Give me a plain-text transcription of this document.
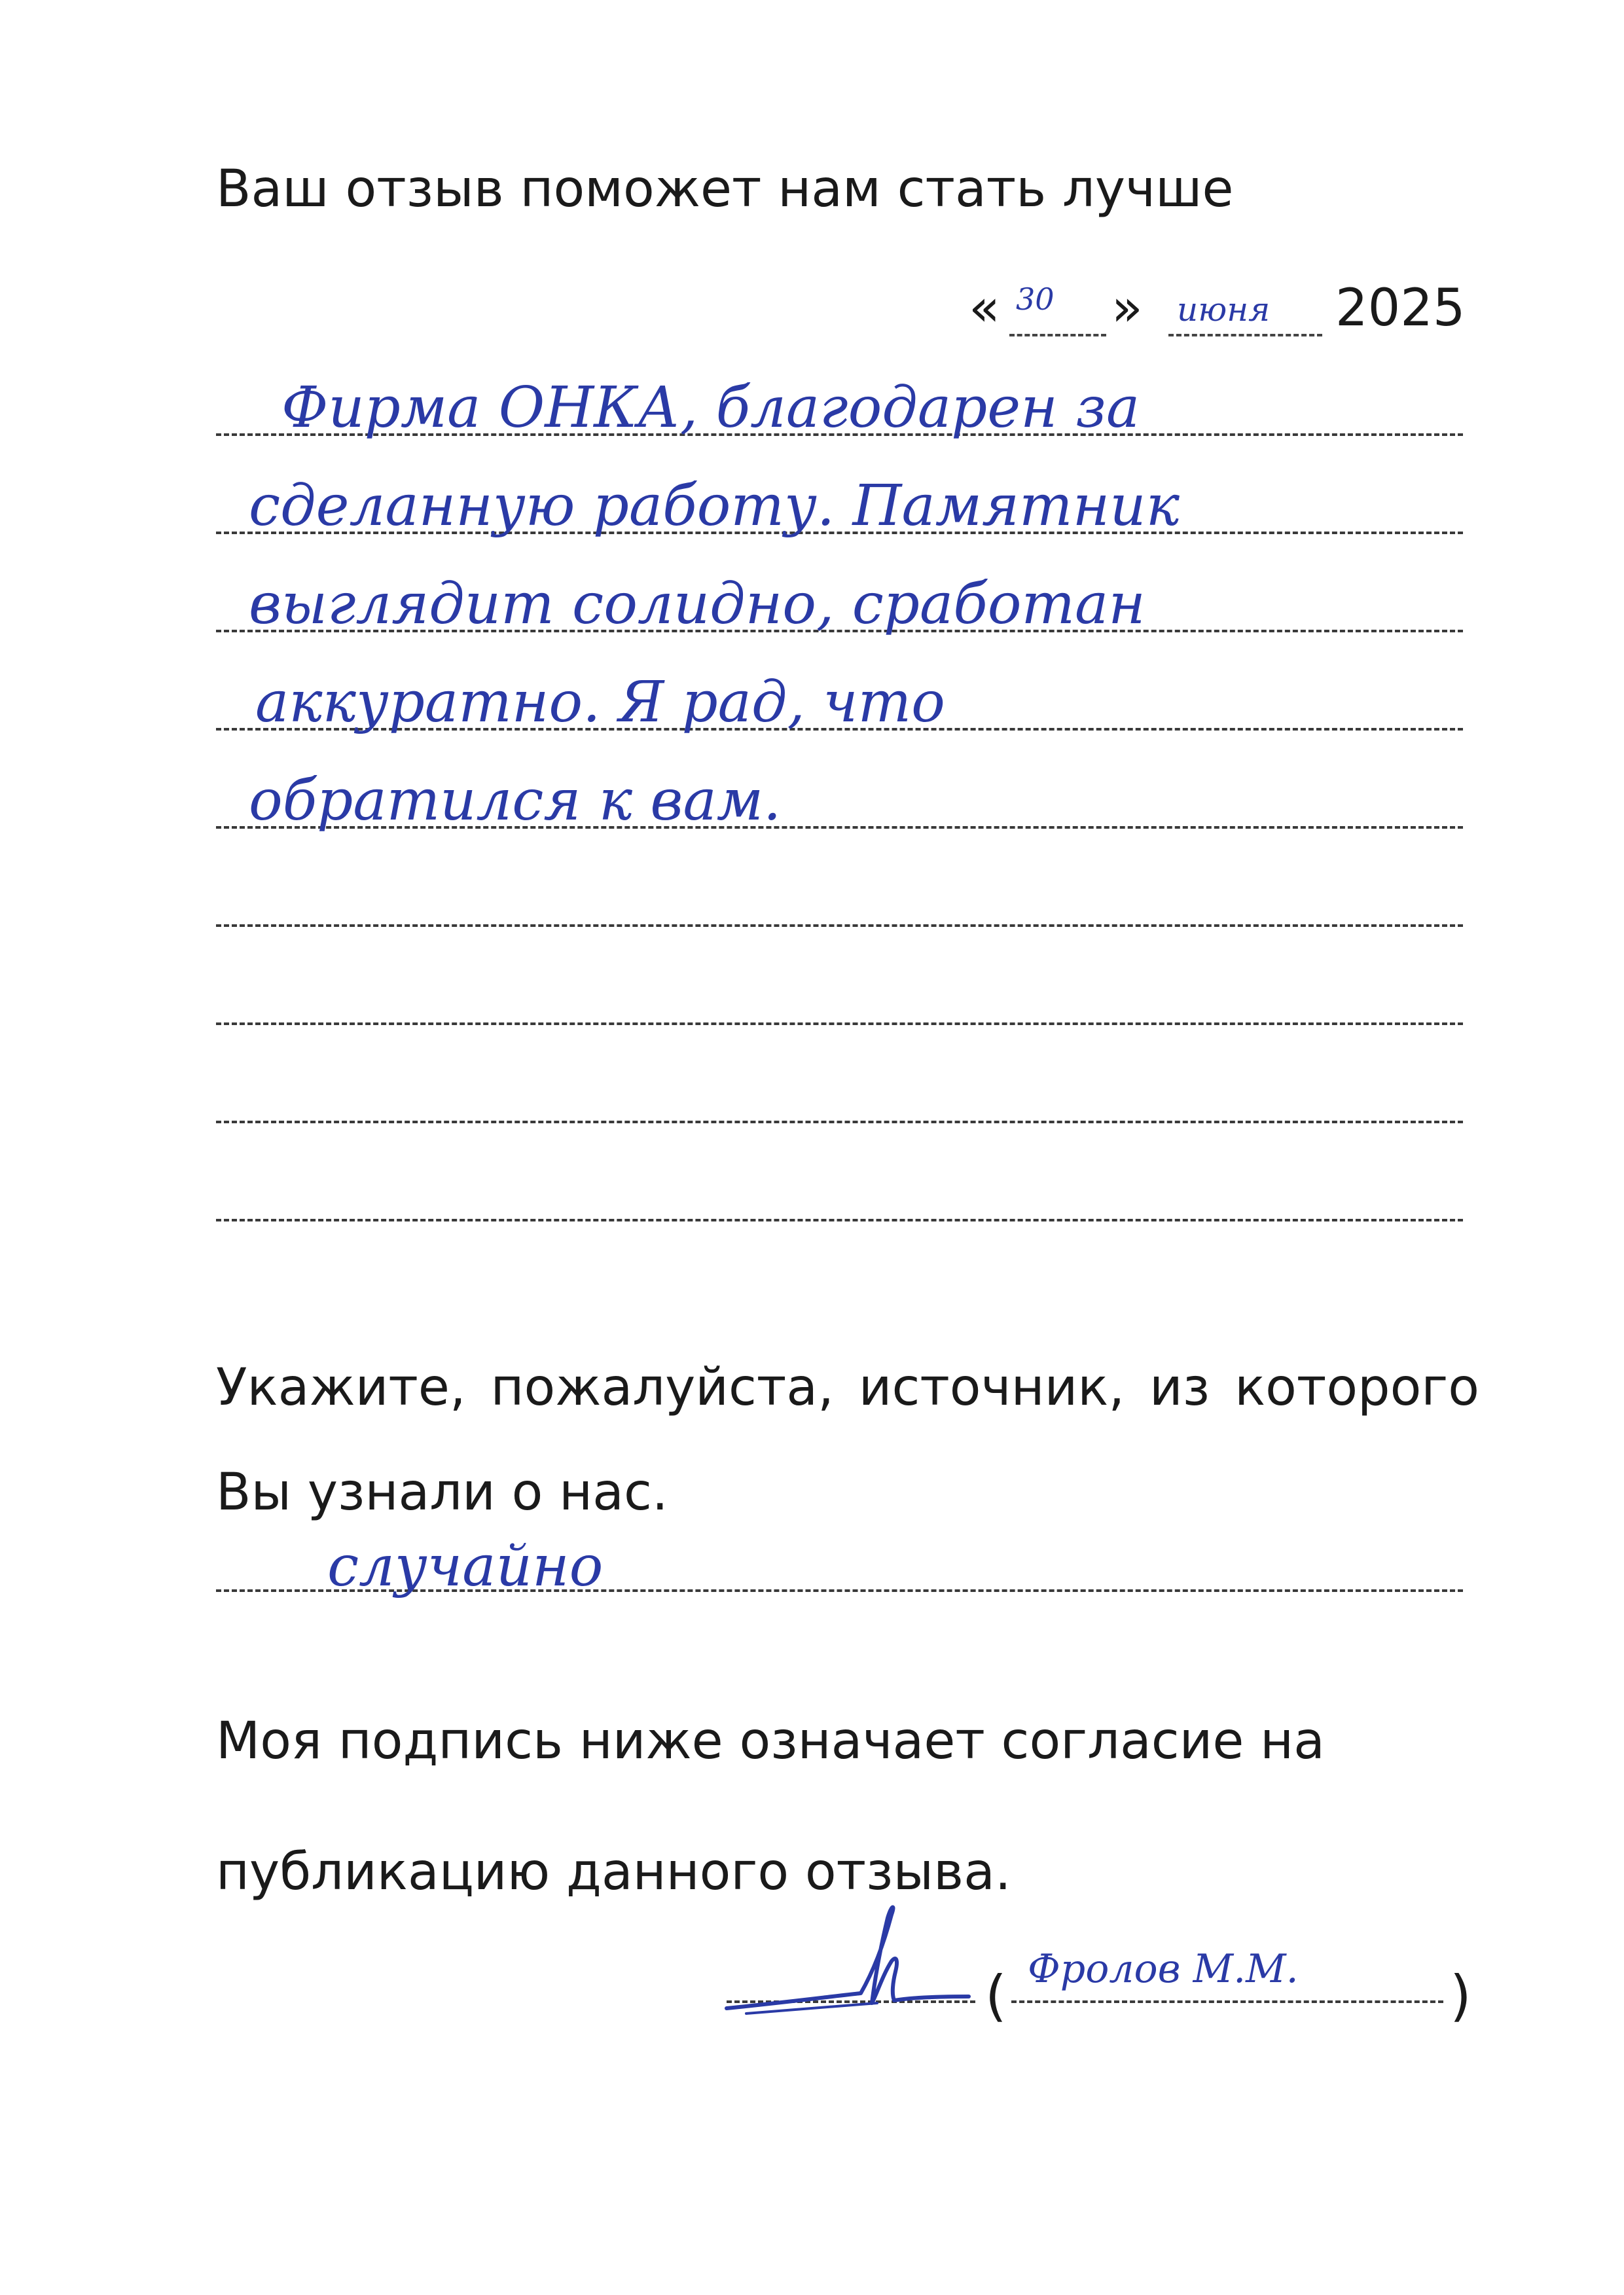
Ваш отзыв поможет нам стать лучше
« 30 » июня 2025
Фирма ОНКА, благодарен за
сделанную работу. Памятник
выглядит солидно, сработан
аккуратно. Я рад, что
обратился к вам.
Укажите, пожалуйста, источник, из которого Вы узнали о нас.
случайно
Моя подпись ниже означает согласие на публикацию данного отзыва.
( Фролов М.М.	)
